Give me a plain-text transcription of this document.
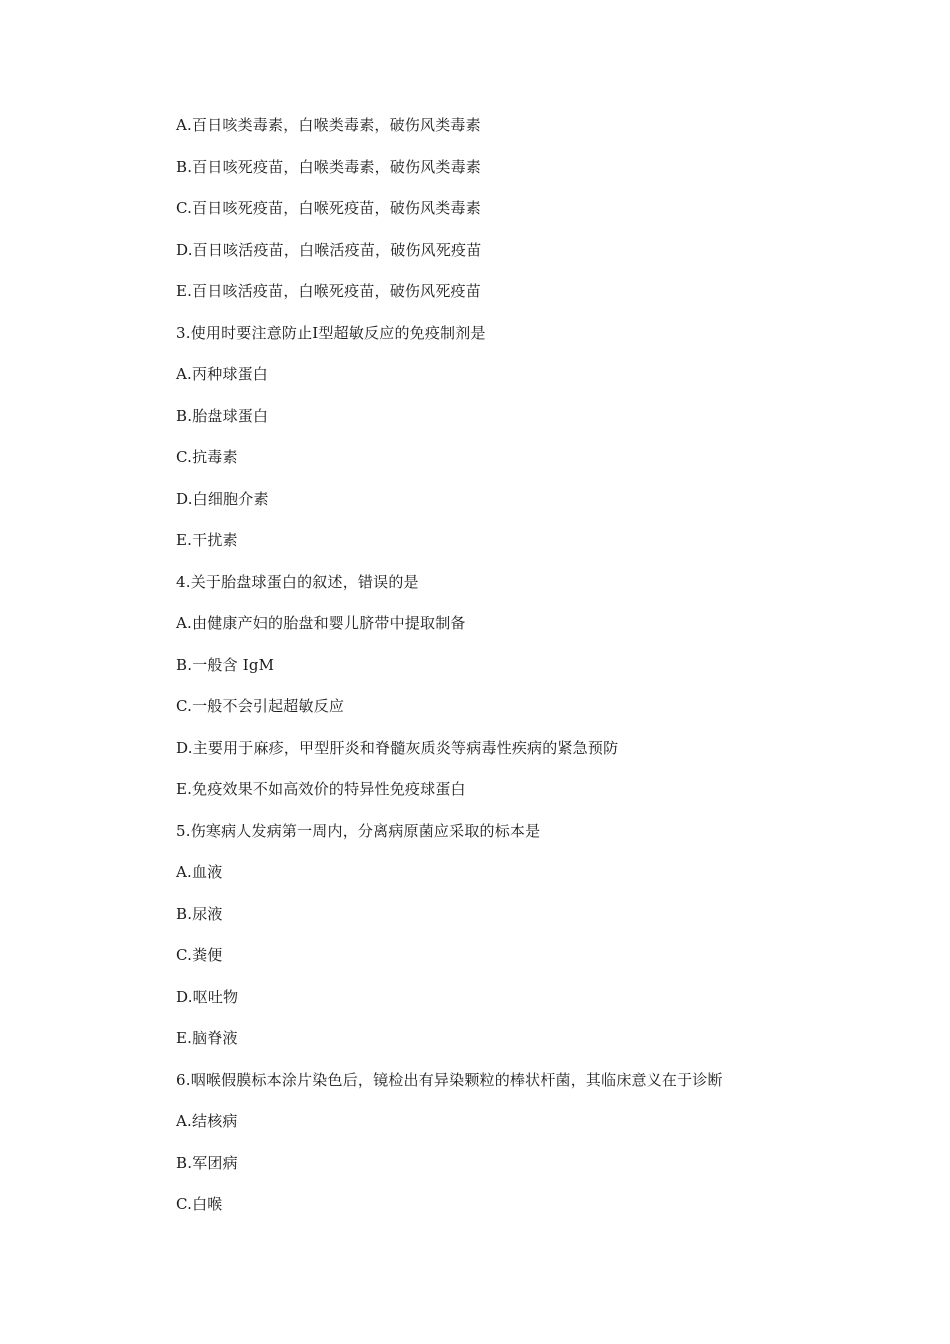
A.百日咳类毒素，白喉类毒素，破伤风类毒素
B.百日咳死疫苗，白喉类毒素，破伤风类毒素
C.百日咳死疫苗，白喉死疫苗，破伤风类毒素
D.百日咳活疫苗，白喉活疫苗，破伤风死疫苗
E.百日咳活疫苗，白喉死疫苗，破伤风死疫苗
3.使用时要注意防止Ⅰ型超敏反应的免疫制剂是
A.丙种球蛋白
B.胎盘球蛋白
C.抗毒素
D.白细胞介素
E.干扰素
4.关于胎盘球蛋白的叙述，错误的是
A.由健康产妇的胎盘和婴儿脐带中提取制备
B.一般含 IgM
C.一般不会引起超敏反应
D.主要用于麻疹，甲型肝炎和脊髓灰质炎等病毒性疾病的紧急预防
E.免疫效果不如高效价的特异性免疫球蛋白
5.伤寒病人发病第一周内，分离病原菌应采取的标本是
A.血液
B.尿液
C.粪便
D.呕吐物
E.脑脊液
6.咽喉假膜标本涂片染色后，镜检出有异染颗粒的棒状杆菌，其临床意义在于诊断
A.结核病
B.军团病
C.白喉
